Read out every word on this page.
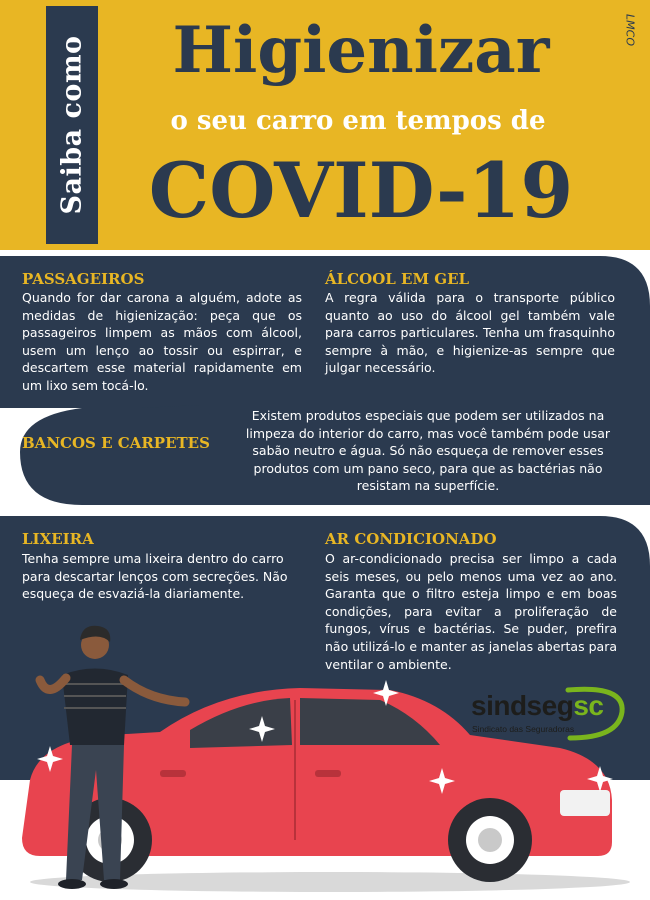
Saiba como	Higienizar
o seu carro em tempos de
COVID-19
LMCO
PASSAGEIROS
Quando for dar carona a alguém, adote as medidas de higienização: peça que os passageiros limpem as mãos com álcool, usem um lenço ao tossir ou espirrar, e descartem esse material rapidamente em um lixo sem tocá-lo.
ÁLCOOL EM GEL
A regra válida para o transporte público quanto ao uso do álcool gel também vale para carros particulares. Tenha um frasquinho sempre à mão, e higienize-as sempre que julgar necessário.
BANCOS E CARPETES
Existem produtos especiais que podem ser utilizados na limpeza do interior do carro, mas você também pode usar sabão neutro e água. Só não esqueça de remover esses produtos com um pano seco, para que as bactérias não resistam na superfície.
LIXEIRA
Tenha sempre uma lixeira dentro do carro para descartar lenços com secreções. Não esqueça de esvaziá-la diariamente.
AR CONDICIONADO
O ar-condicionado precisa ser limpo a cada seis meses, ou pelo menos uma vez ao ano. Garanta que o filtro esteja limpo e em boas condições, para evitar a proliferação de fungos, vírus e bactérias. Se puder, prefira não utilizá-lo e manter as janelas abertas para ventilar o ambiente.
sindsegsc
Sindicato das Seguradoras
